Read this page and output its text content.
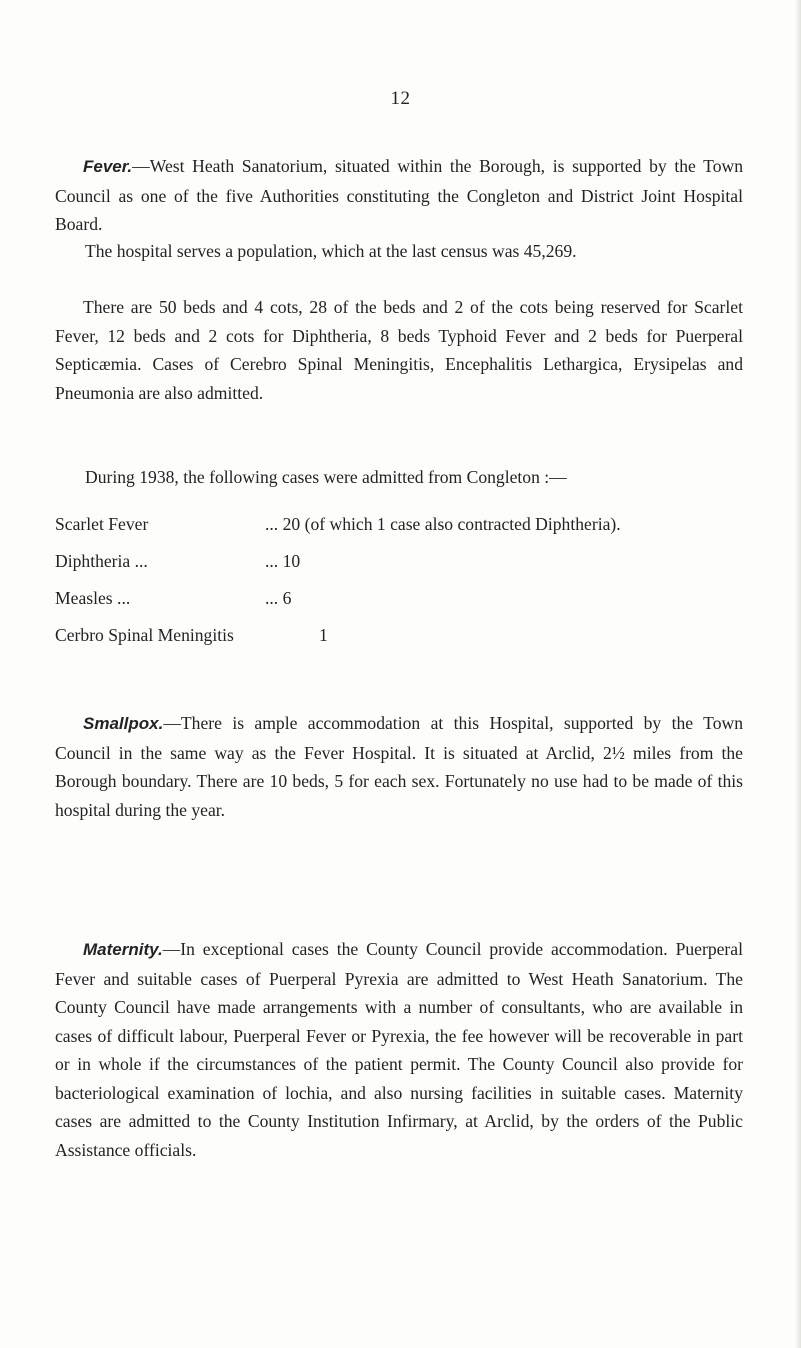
12

Fever.—West Heath Sanatorium, situated within the Borough, is supported by the Town Council as one of the five Authorities constituting the Congleton and District Joint Hospital Board.

The hospital serves a population, which at the last census was 45,269.

There are 50 beds and 4 cots, 28 of the beds and 2 of the cots being reserved for Scarlet Fever, 12 beds and 2 cots for Diphtheria, 8 beds Typhoid Fever and 2 beds for Puerperal Septicæmia. Cases of Cerebro Spinal Meningitis, Encephalitis Lethargica, Erysipelas and Pneumonia are also admitted.

During 1938, the following cases were admitted from Congleton :—

Scarlet Fever	... 20 (of which 1 case also contracted Diphtheria).
Diphtheria ...	... 10
Measles ...	... 6
Cerbro Spinal Meningitis	1

Smallpox.—There is ample accommodation at this Hospital, supported by the Town Council in the same way as the Fever Hospital. It is situated at Arclid, 2½ miles from the Borough boundary. There are 10 beds, 5 for each sex. Fortunately no use had to be made of this hospital during the year.

Maternity.—In exceptional cases the County Council provide accommodation. Puerperal Fever and suitable cases of Puerperal Pyrexia are admitted to West Heath Sanatorium. The County Council have made arrangements with a number of consultants, who are available in cases of difficult labour, Puerperal Fever or Pyrexia, the fee however will be recoverable in part or in whole if the circumstances of the patient permit. The County Council also provide for bacteriological examination of lochia, and also nursing facilities in suitable cases. Maternity cases are admitted to the County Institution Infirmary, at Arclid, by the orders of the Public Assistance officials.
